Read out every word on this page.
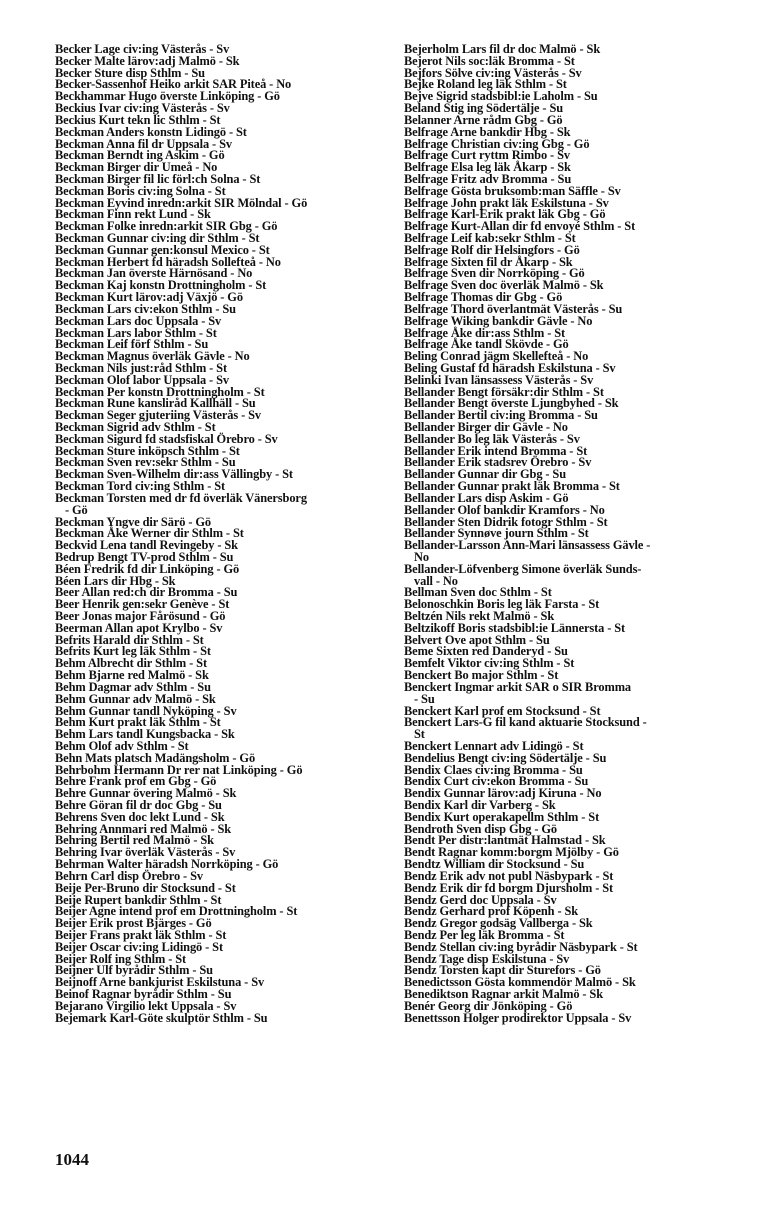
Becker Lage civ:ing Västerås - Sv
Becker Malte lärov:adj Malmö - Sk
Becker Sture disp Sthlm - Su
Becker-Sassenhof Heiko arkit SAR Piteå - No
Beckhammar Hugo överste Linköping - Gö
Beckius Ivar civ:ing Västerås - Sv
Beckius Kurt tekn lic Sthlm - St
Beckman Anders konstn Lidingö - St
Beckman Anna fil dr Uppsala - Sv
Beckman Berndt ing Askim - Gö
Beckman Birger dir Umeå - No
Beckman Birger fil lic förl:ch Solna - St
Beckman Boris civ:ing Solna - St
Beckman Eyvind inredn:arkit SIR Mölndal - Gö
Beckman Finn rekt Lund - Sk
Beckman Folke inredn:arkit SIR Gbg - Gö
Beckman Gunnar civ:ing dir Sthlm - St
Beckman Gunnar gen:konsul Mexico - St
Beckman Herbert fd häradsh Sollefteå - No
Beckman Jan överste Härnösand - No
Beckman Kaj konstn Drottningholm - St
Beckman Kurt lärov:adj Växjö - Gö
Beckman Lars civ:ekon Sthlm - Su
Beckman Lars doc Uppsala - Sv
Beckman Lars labor Sthlm - St
Beckman Leif förf Sthlm - Su
Beckman Magnus överläk Gävle - No
Beckman Nils just:råd Sthlm - St
Beckman Olof labor Uppsala - Sv
Beckman Per konstn Drottningholm - St
Beckman Rune kansliråd Kallhäll - Su
Beckman Seger gjuteriing Västerås - Sv
Beckman Sigrid adv Sthlm - St
Beckman Sigurd fd stadsfiskal Örebro - Sv
Beckman Sture inköpsch Sthlm - St
Beckman Sven rev:sekr Sthlm - Su
Beckman Sven-Wilhelm dir:ass Vällingby - St
Beckman Tord civ:ing Sthlm - St
Beckman Torsten med dr fd överläk Vänersborg
- Gö
Beckman Yngve dir Särö - Gö
Beckman Åke Werner dir Sthlm - St
Beckvid Lena tandl Revingeby - Sk
Bedrup Bengt TV-prod Sthlm - Su
Béen Fredrik fd dir Linköping - Gö
Béen Lars dir Hbg - Sk
Beer Allan red:ch dir Bromma - Su
Beer Henrik gen:sekr Genève - St
Beer Jonas major Fårösund - Gö
Beerman Allan apot Krylbo - Sv
Befrits Harald dir Sthlm - St
Befrits Kurt leg läk Sthlm - St
Behm Albrecht dir Sthlm - St
Behm Bjarne red Malmö - Sk
Behm Dagmar adv Sthlm - Su
Behm Gunnar adv Malmö - Sk
Behm Gunnar tandl Nyköping - Sv
Behm Kurt prakt läk Sthlm - St
Behm Lars tandl Kungsbacka - Sk
Behm Olof adv Sthlm - St
Behn Mats platsch Madängsholm - Gö
Behrbohm Hermann Dr rer nat Linköping - Gö
Behre Frank prof em Gbg - Gö
Behre Gunnar övering Malmö - Sk
Behre Göran fil dr doc Gbg - Su
Behrens Sven doc lekt Lund - Sk
Behring Annmari red Malmö - Sk
Behring Bertil red Malmö - Sk
Behring Ivar överläk Västerås - Sv
Behrman Walter häradsh Norrköping - Gö
Behrn Carl disp Örebro - Sv
Beije Per-Bruno dir Stocksund - St
Beije Rupert bankdir Sthlm - St
Beijer Agne intend prof em Drottningholm - St
Beijer Erik prost Bjärges - Gö
Beijer Frans prakt läk Sthlm - St
Beijer Oscar civ:ing Lidingö - St
Beijer Rolf ing Sthlm - St
Beijner Ulf byrådir Sthlm - Su
Beijnoff Arne bankjurist Eskilstuna - Sv
Beinof Ragnar byrådir Sthlm - Su
Bejarano Virgilio lekt Uppsala - Sv
Bejemark Karl-Göte skulptör Sthlm - Su
Bejerholm Lars fil dr doc Malmö - Sk
Bejerot Nils soc:läk Bromma - St
Bejfors Sölve civ:ing Västerås - Sv
Bejke Roland leg läk Sthlm - St
Bejve Sigrid stadsbibl:ie Laholm - Su
Beland Stig ing Södertälje - Su
Belanner Arne rådm Gbg - Gö
Belfrage Arne bankdir Hbg - Sk
Belfrage Christian civ:ing Gbg - Gö
Belfrage Curt ryttm Rimbo - Sv
Belfrage Elsa leg läk Åkarp - Sk
Belfrage Fritz adv Bromma - Su
Belfrage Gösta bruksomb:man Säffle - Sv
Belfrage John prakt läk Eskilstuna - Sv
Belfrage Karl-Erik prakt läk Gbg - Gö
Belfrage Kurt-Allan dir fd envoyé Sthlm - St
Belfrage Leif kab:sekr Sthlm - St
Belfrage Rolf dir Helsingfors - Gö
Belfrage Sixten fil dr Åkarp - Sk
Belfrage Sven dir Norrköping - Gö
Belfrage Sven doc överläk Malmö - Sk
Belfrage Thomas dir Gbg - Gö
Belfrage Thord överlantmät Västerås - Su
Belfrage Wiking bankdir Gävle - No
Belfrage Åke dir:ass Sthlm - St
Belfrage Åke tandl Skövde - Gö
Beling Conrad jägm Skellefteå - No
Beling Gustaf fd häradsh Eskilstuna - Sv
Belinki Ivan länsassess Västerås - Sv
Bellander Bengt försäkr:dir Sthlm - St
Bellander Bengt överste Ljungbyhed - Sk
Bellander Bertil civ:ing Bromma - Su
Bellander Birger dir Gävle - No
Bellander Bo leg läk Västerås - Sv
Bellander Erik intend Bromma - St
Bellander Erik stadsrev Örebro - Sv
Bellander Gunnar dir Gbg - Su
Bellander Gunnar prakt läk Bromma - St
Bellander Lars disp Askim - Gö
Bellander Olof bankdir Kramfors - No
Bellander Sten Didrik fotogr Sthlm - St
Bellander Synnøve journ Sthlm - St
Bellander-Larsson Ann-Mari länsassess Gävle -
No
Bellander-Löfvenberg Simone överläk Sunds-
vall - No
Bellman Sven doc Sthlm - St
Belonoschkin Boris leg läk Farsta - St
Beltzén Nils rekt Malmö - Sk
Beltzikoff Boris stadsbibl:ie Lännersta - St
Belvert Ove apot Sthlm - Su
Beme Sixten red Danderyd - Su
Bemfelt Viktor civ:ing Sthlm - St
Benckert Bo major Sthlm - St
Benckert Ingmar arkit SAR o SIR Bromma
- Su
Benckert Karl prof em Stocksund - St
Benckert Lars-G fil kand aktuarie Stocksund -
St
Benckert Lennart adv Lidingö - St
Bendelius Bengt civ:ing Södertälje - Su
Bendix Claes civ:ing Bromma - Su
Bendix Curt civ:ekon Bromma - Su
Bendix Gunnar lärov:adj Kiruna - No
Bendix Karl dir Varberg - Sk
Bendix Kurt operakapellm Sthlm - St
Bendroth Sven disp Gbg - Gö
Bendt Per distr:lantmät Halmstad - Sk
Bendt Ragnar komm:borgm Mjölby - Gö
Bendtz William dir Stocksund - Su
Bendz Erik adv not publ Näsbypark - St
Bendz Erik dir fd borgm Djursholm - St
Bendz Gerd doc Uppsala - Sv
Bendz Gerhard prof Köpenh - Sk
Bendz Gregor godsäg Vallberga - Sk
Bendz Per leg läk Bromma - St
Bendz Stellan civ:ing byrådir Näsbypark - St
Bendz Tage disp Eskilstuna - Sv
Bendz Torsten kapt dir Sturefors - Gö
Benedictsson Gösta kommendör Malmö - Sk
Benediktson Ragnar arkit Malmö - Sk
Benér Georg dir Jönköping - Gö
Benettsson Holger prodirektor Uppsala - Sv
1044
